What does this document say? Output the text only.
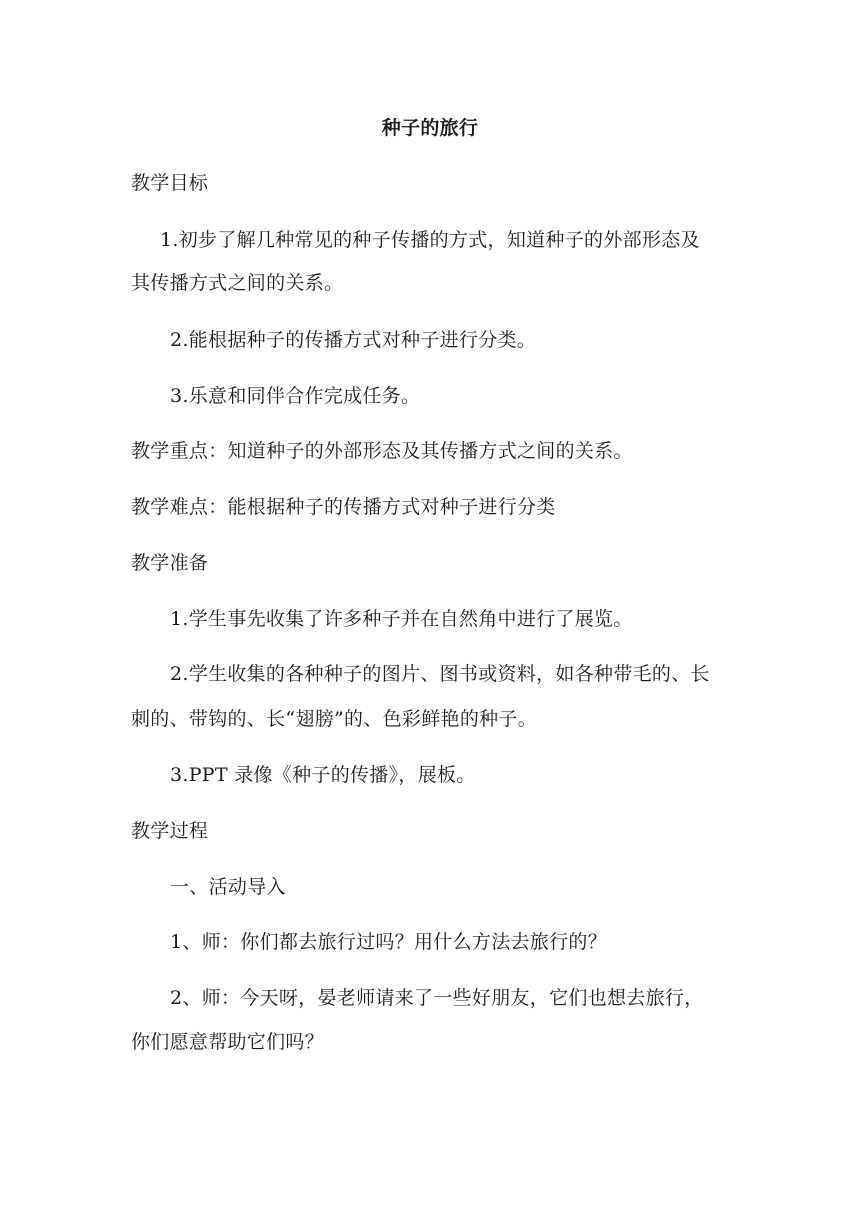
种子的旅行
教学目标
1.初步了解几种常见的种子传播的方式，知道种子的外部形态及
其传播方式之间的关系。
2.能根据种子的传播方式对种子进行分类。
3.乐意和同伴合作完成任务。
教学重点：知道种子的外部形态及其传播方式之间的关系。
教学难点：能根据种子的传播方式对种子进行分类
教学准备
1.学生事先收集了许多种子并在自然角中进行了展览。
2.学生收集的各种种子的图片、图书或资料，如各种带毛的、长
刺的、带钩的、长“翅膀”的、色彩鲜艳的种子。
3.PPT 录像《种子的传播》，展板。
教学过程
一、活动导入
1、师：你们都去旅行过吗？用什么方法去旅行的？
2、师：今天呀，晏老师请来了一些好朋友，它们也想去旅行，
你们愿意帮助它们吗？
